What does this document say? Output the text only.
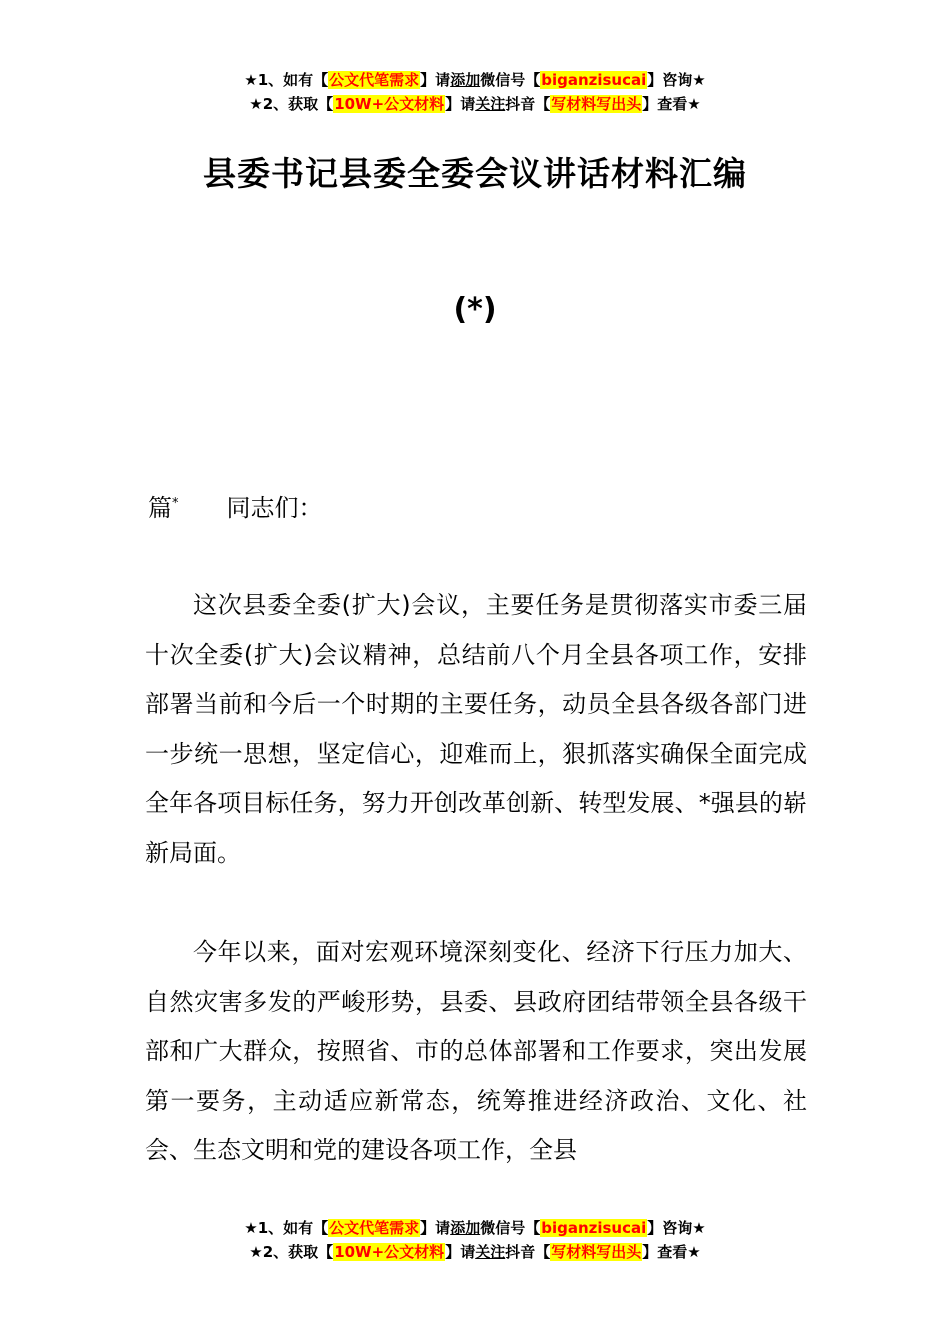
★1、如有【公文代笔需求】请添加微信号【biganzisucai】咨询★
★2、获取【10W+公文材料】请关注抖音【写材料写出头】查看★
县委书记县委全委会议讲话材料汇编
(*)
篇* 同志们：

这次县委全委(扩大)会议，主要任务是贯彻落实市委三届十次全委(扩大)会议精神，总结前八个月全县各项工作，安排部署当前和今后一个时期的主要任务，动员全县各级各部门进一步统一思想，坚定信心，迎难而上，狠抓落实确保全面完成全年各项目标任务，努力开创改革创新、转型发展、*强县的崭新局面。

今年以来，面对宏观环境深刻变化、经济下行压力加大、自然灾害多发的严峻形势，县委、县政府团结带领全县各级干部和广大群众，按照省、市的总体部署和工作要求，突出发展第一要务，主动适应新常态，统筹推进经济政治、文化、社会、生态文明和党的建设各项工作，全县

★1、如有【公文代笔需求】请添加微信号【biganzisucai】咨询★
★2、获取【10W+公文材料】请关注抖音【写材料写出头】查看★
